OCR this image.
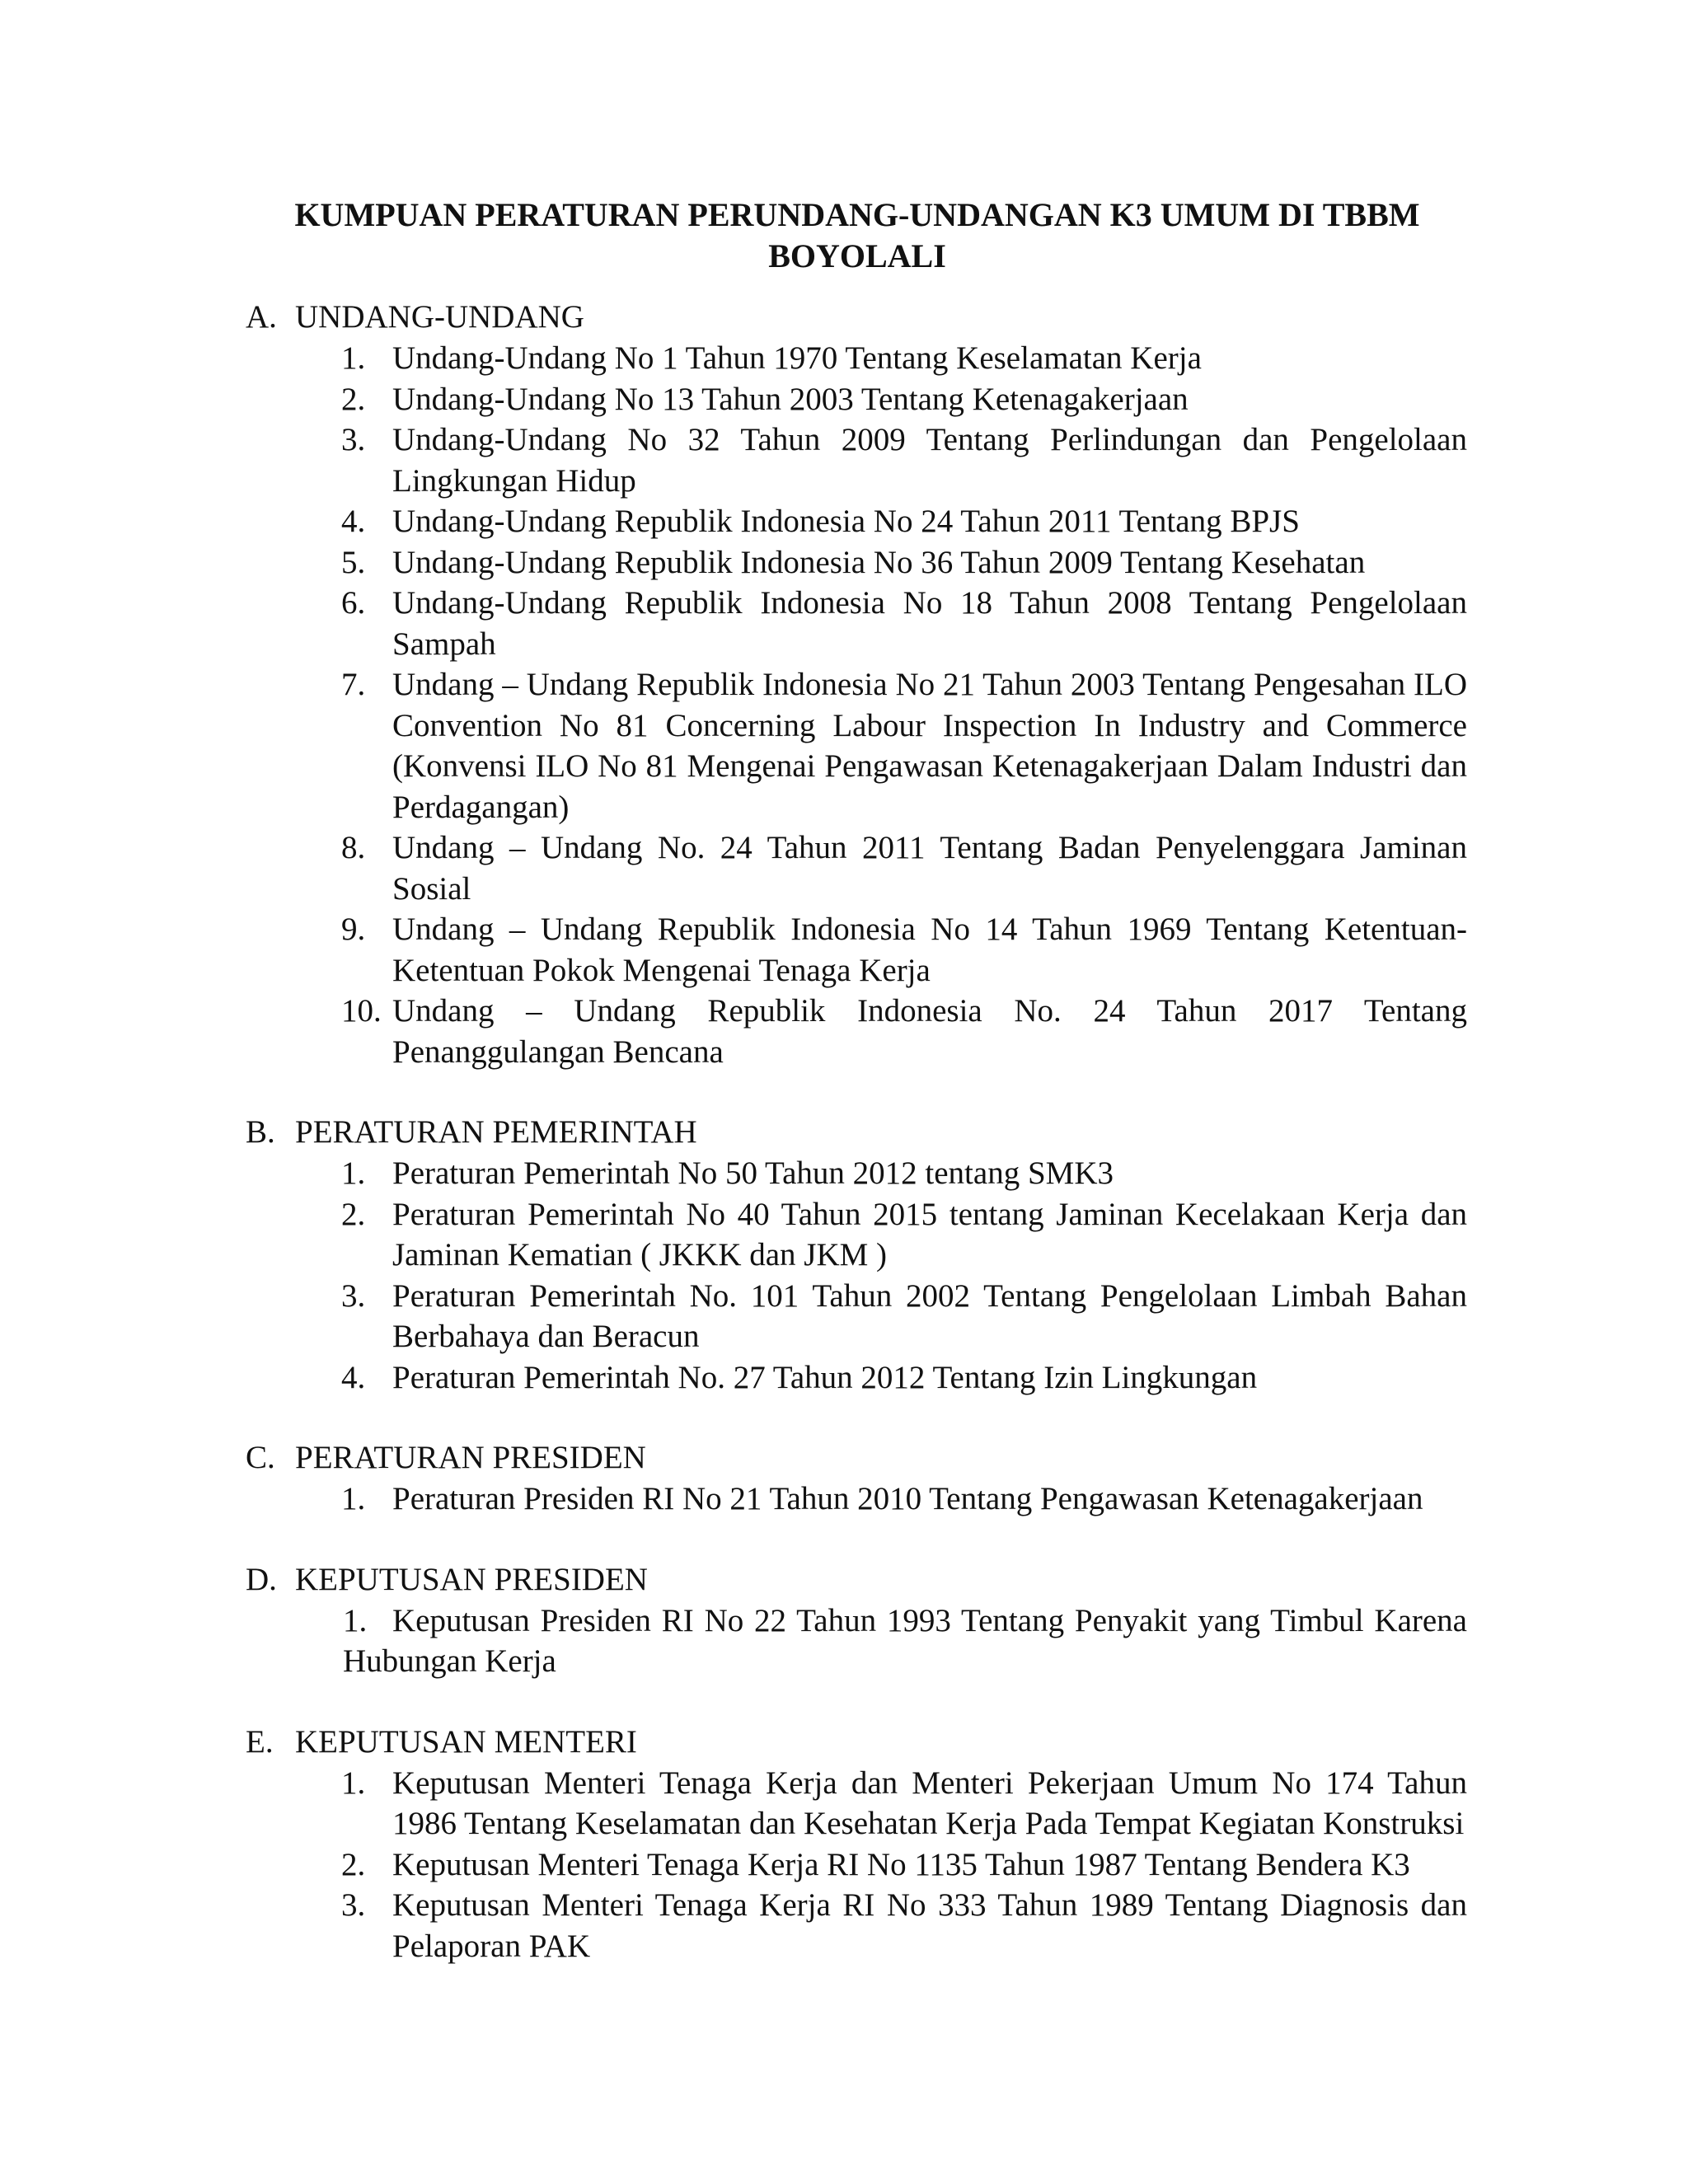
KUMPUAN PERATURAN PERUNDANG-UNDANGAN K3 UMUM DI TBBM
BOYOLALI
A. UNDANG-UNDANG
1. Undang-Undang No 1 Tahun 1970 Tentang Keselamatan Kerja
2. Undang-Undang No 13 Tahun 2003 Tentang Ketenagakerjaan
3. Undang-Undang No 32 Tahun 2009 Tentang Perlindungan dan Pengelolaan Lingkungan Hidup
4. Undang-Undang Republik Indonesia No 24 Tahun 2011 Tentang BPJS
5. Undang-Undang Republik Indonesia No 36 Tahun 2009 Tentang Kesehatan
6. Undang-Undang Republik Indonesia No 18 Tahun 2008 Tentang Pengelolaan Sampah
7. Undang – Undang Republik Indonesia No 21 Tahun 2003 Tentang Pengesahan ILO Convention No 81 Concerning Labour Inspection In Industry and Commerce (Konvensi ILO No 81 Mengenai Pengawasan Ketenagakerjaan Dalam Industri dan Perdagangan)
8. Undang – Undang No. 24 Tahun 2011 Tentang Badan Penyelenggara Jaminan Sosial
9. Undang – Undang Republik Indonesia No 14 Tahun 1969 Tentang Ketentuan-Ketentuan Pokok Mengenai Tenaga Kerja
10. Undang – Undang Republik Indonesia No. 24 Tahun 2017 Tentang Penanggulangan Bencana
B. PERATURAN PEMERINTAH
1. Peraturan Pemerintah No 50 Tahun 2012 tentang SMK3
2. Peraturan Pemerintah No 40 Tahun 2015 tentang Jaminan Kecelakaan Kerja dan Jaminan Kematian ( JKKK dan JKM )
3. Peraturan Pemerintah No. 101 Tahun 2002 Tentang Pengelolaan Limbah Bahan Berbahaya dan Beracun
4. Peraturan Pemerintah No. 27 Tahun 2012 Tentang Izin Lingkungan
C. PERATURAN PRESIDEN
1. Peraturan Presiden RI No 21 Tahun 2010 Tentang Pengawasan Ketenagakerjaan
D. KEPUTUSAN PRESIDEN
1. Keputusan Presiden RI No 22 Tahun 1993 Tentang Penyakit yang Timbul Karena Hubungan Kerja
E. KEPUTUSAN MENTERI
1. Keputusan Menteri Tenaga Kerja dan Menteri Pekerjaan Umum No 174 Tahun 1986 Tentang Keselamatan dan Kesehatan Kerja Pada Tempat Kegiatan Konstruksi
2. Keputusan Menteri Tenaga Kerja RI No 1135 Tahun 1987 Tentang Bendera K3
3. Keputusan Menteri Tenaga Kerja RI No 333 Tahun 1989 Tentang Diagnosis dan Pelaporan PAK
